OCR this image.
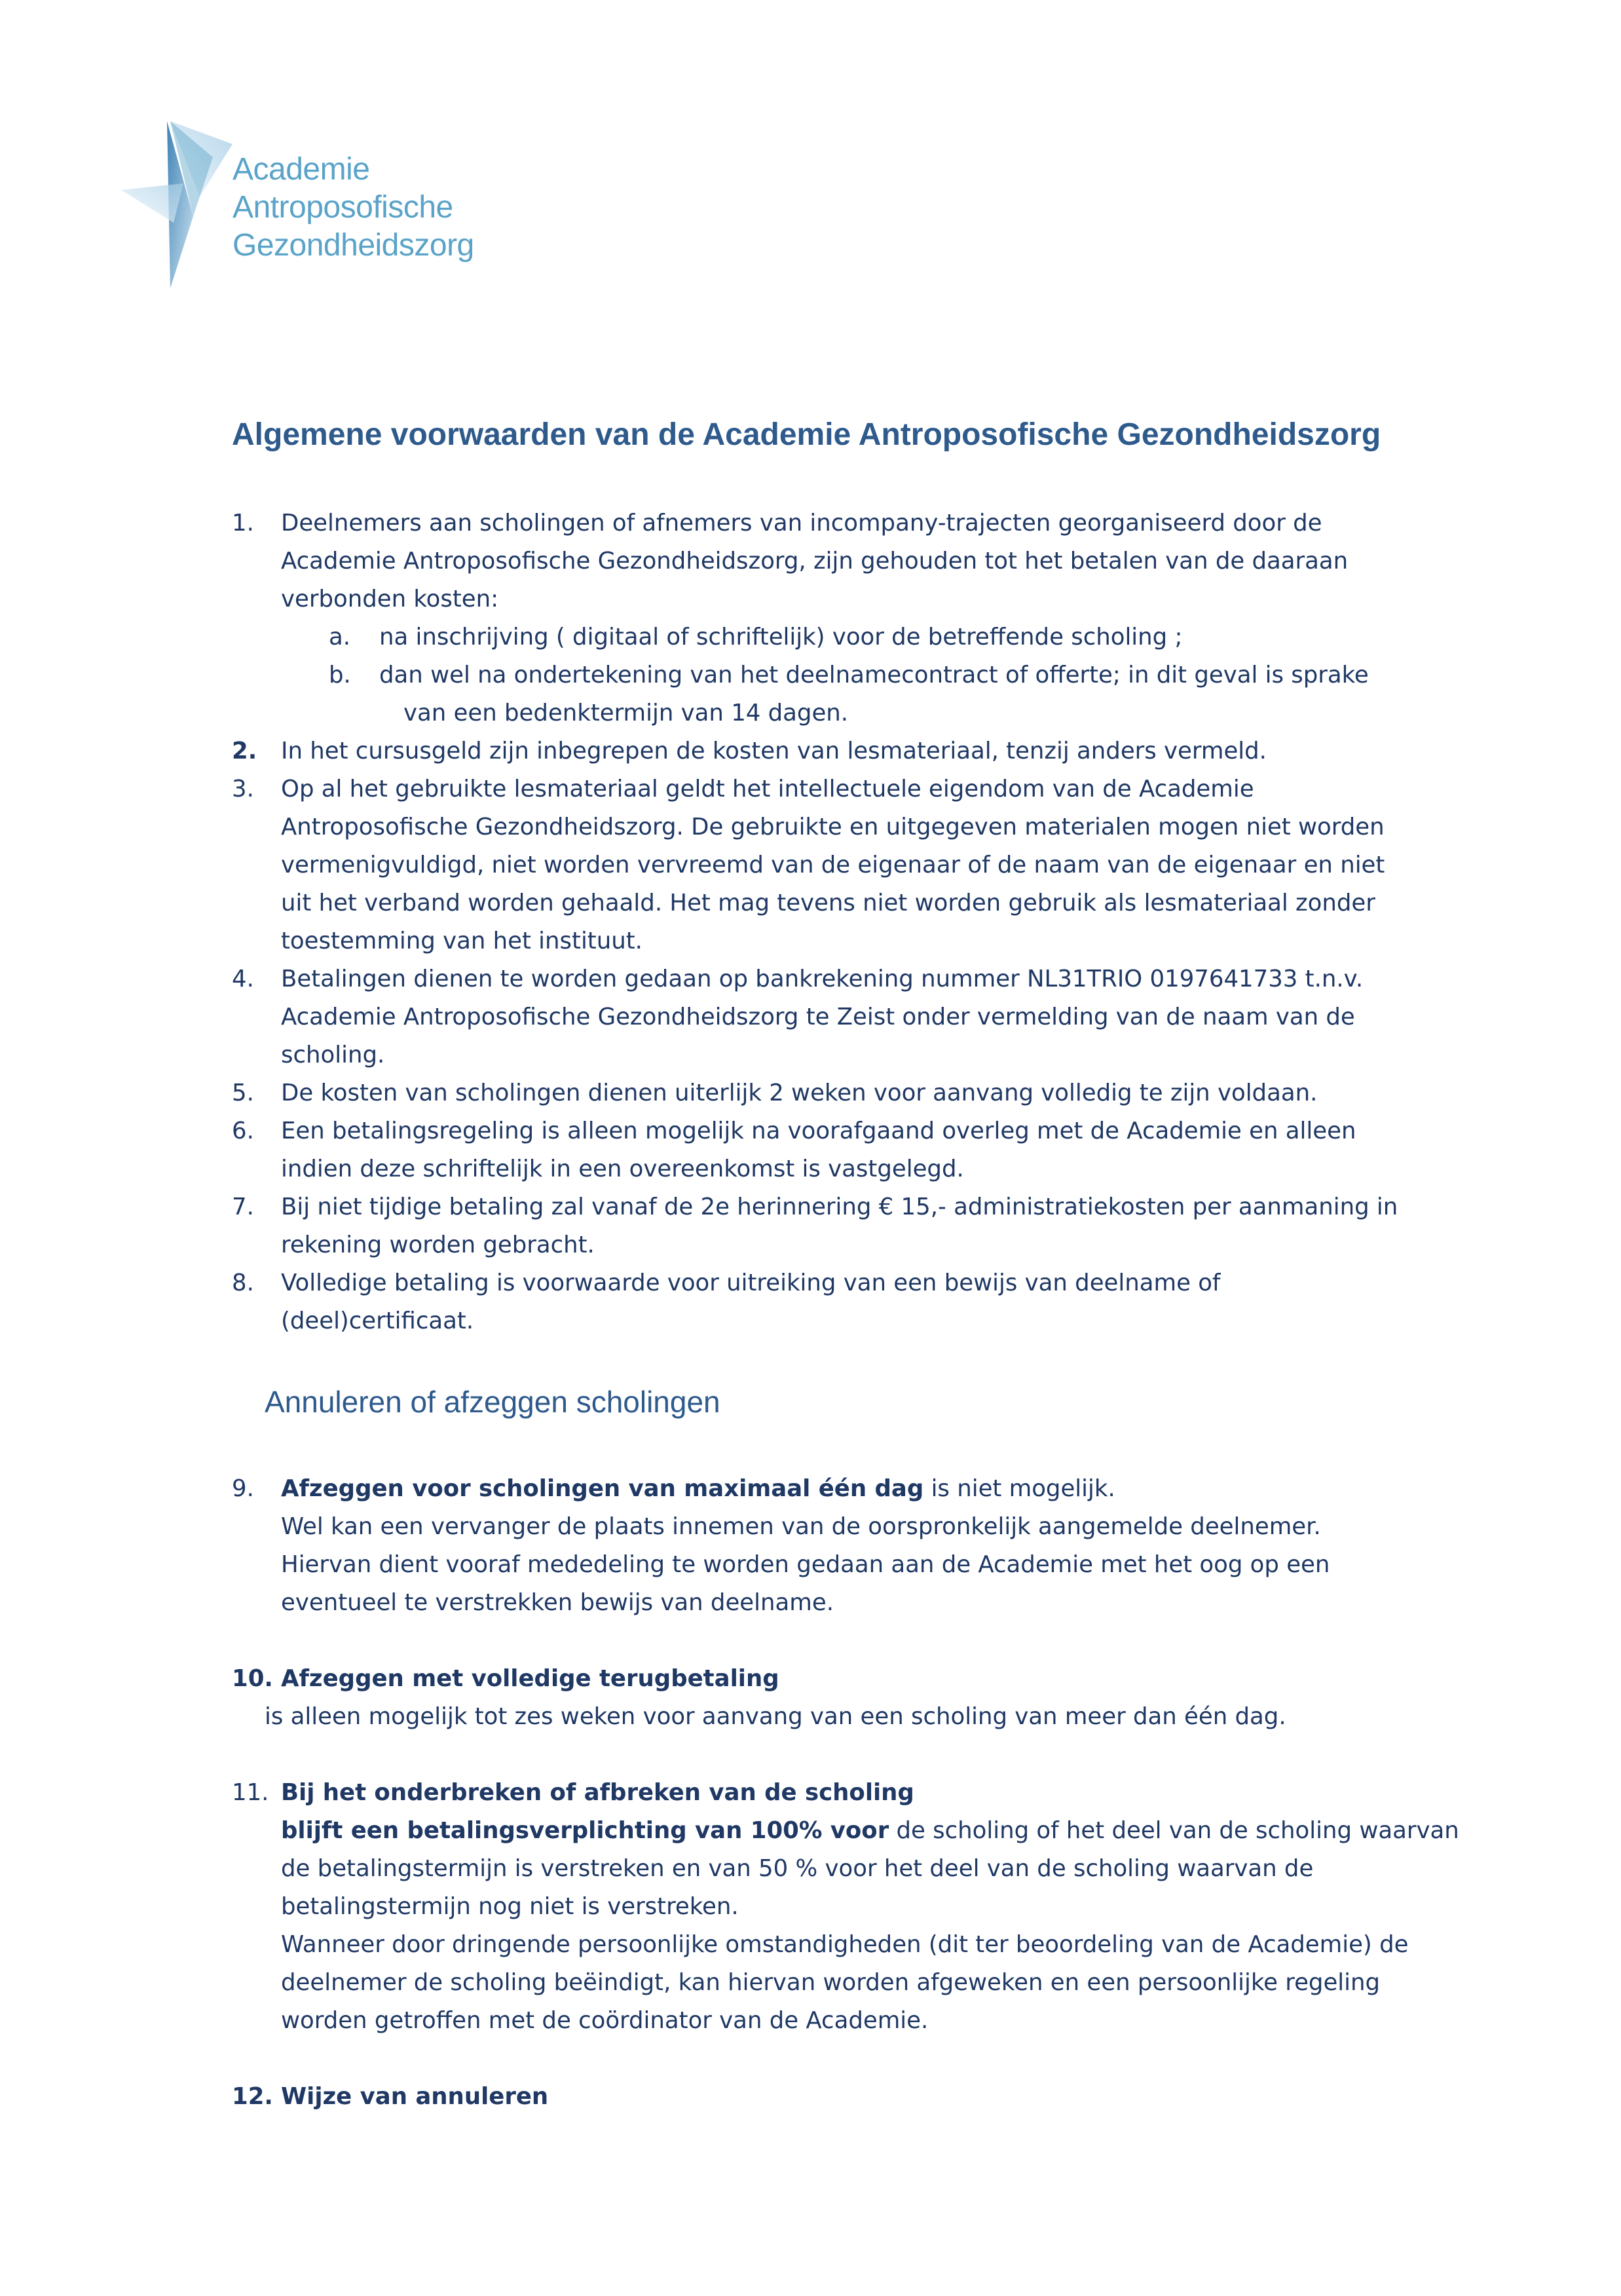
Academie
Antroposofische
Gezondheidszorg
Algemene voorwaarden van de Academie Antroposofische Gezondheidszorg
1. Deelnemers aan scholingen of afnemers van incompany-trajecten georganiseerd door de
Academie Antroposofische Gezondheidszorg, zijn gehouden tot het betalen van de daaraan
verbonden kosten:
a. na inschrijving ( digitaal of schriftelijk) voor de betreffende scholing ;
b. dan wel na ondertekening van het deelnamecontract of offerte; in dit geval is sprake
van een bedenktermijn van 14 dagen.
2. In het cursusgeld zijn inbegrepen de kosten van lesmateriaal, tenzij anders vermeld.
3. Op al het gebruikte lesmateriaal geldt het intellectuele eigendom van de Academie
Antroposofische Gezondheidszorg. De gebruikte en uitgegeven materialen mogen niet worden
vermenigvuldigd, niet worden vervreemd van de eigenaar of de naam van de eigenaar en niet
uit het verband worden gehaald. Het mag tevens niet worden gebruik als lesmateriaal zonder
toestemming van het instituut.
4. Betalingen dienen te worden gedaan op bankrekening nummer NL31TRIO 0197641733 t.n.v.
Academie Antroposofische Gezondheidszorg te Zeist onder vermelding van de naam van de
scholing.
5. De kosten van scholingen dienen uiterlijk 2 weken voor aanvang volledig te zijn voldaan.
6. Een betalingsregeling is alleen mogelijk na voorafgaand overleg met de Academie en alleen
indien deze schriftelijk in een overeenkomst is vastgelegd.
7. Bij niet tijdige betaling zal vanaf de 2e herinnering € 15,- administratiekosten per aanmaning in
rekening worden gebracht.
8. Volledige betaling is voorwaarde voor uitreiking van een bewijs van deelname of
(deel)certificaat.
Annuleren of afzeggen scholingen
9. Afzeggen voor scholingen van maximaal één dag is niet mogelijk.
Wel kan een vervanger de plaats innemen van de oorspronkelijk aangemelde deelnemer.
Hiervan dient vooraf mededeling te worden gedaan aan de Academie met het oog op een
eventueel te verstrekken bewijs van deelname.
10. Afzeggen met volledige terugbetaling
is alleen mogelijk tot zes weken voor aanvang van een scholing van meer dan één dag.
11. Bij het onderbreken of afbreken van de scholing
blijft een betalingsverplichting van 100% voor de scholing of het deel van de scholing waarvan
de betalingstermijn is verstreken en van 50 % voor het deel van de scholing waarvan de
betalingstermijn nog niet is verstreken.
Wanneer door dringende persoonlijke omstandigheden (dit ter beoordeling van de Academie) de
deelnemer de scholing beëindigt, kan hiervan worden afgeweken en een persoonlijke regeling
worden getroffen met de coördinator van de Academie.
12. Wijze van annuleren
